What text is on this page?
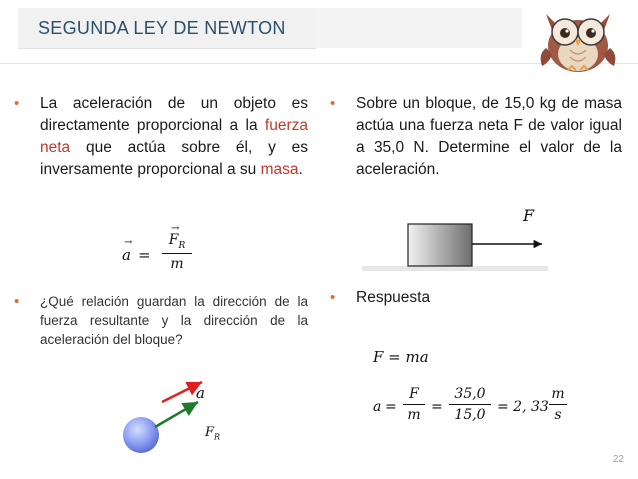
SEGUNDA LEY DE NEWTON

• La aceleración de un objeto es directamente proporcional a la fuerza neta que actúa sobre él, y es inversamente proporcional a su masa.

a
→
=
→
$F_R$
m

• ¿Qué relación guardan la dirección de la fuerza resultante y la dirección de la aceleración del bloque?

a
$F_R$

• Sobre un bloque, de 15,0 kg de masa actúa una fuerza neta F de valor igual a 35,0 N. Determine el valor de la aceleración.

F

• Respuesta

F = ma
a =
F
m =
35,0
15,0 = 2, 33
m
s
22
